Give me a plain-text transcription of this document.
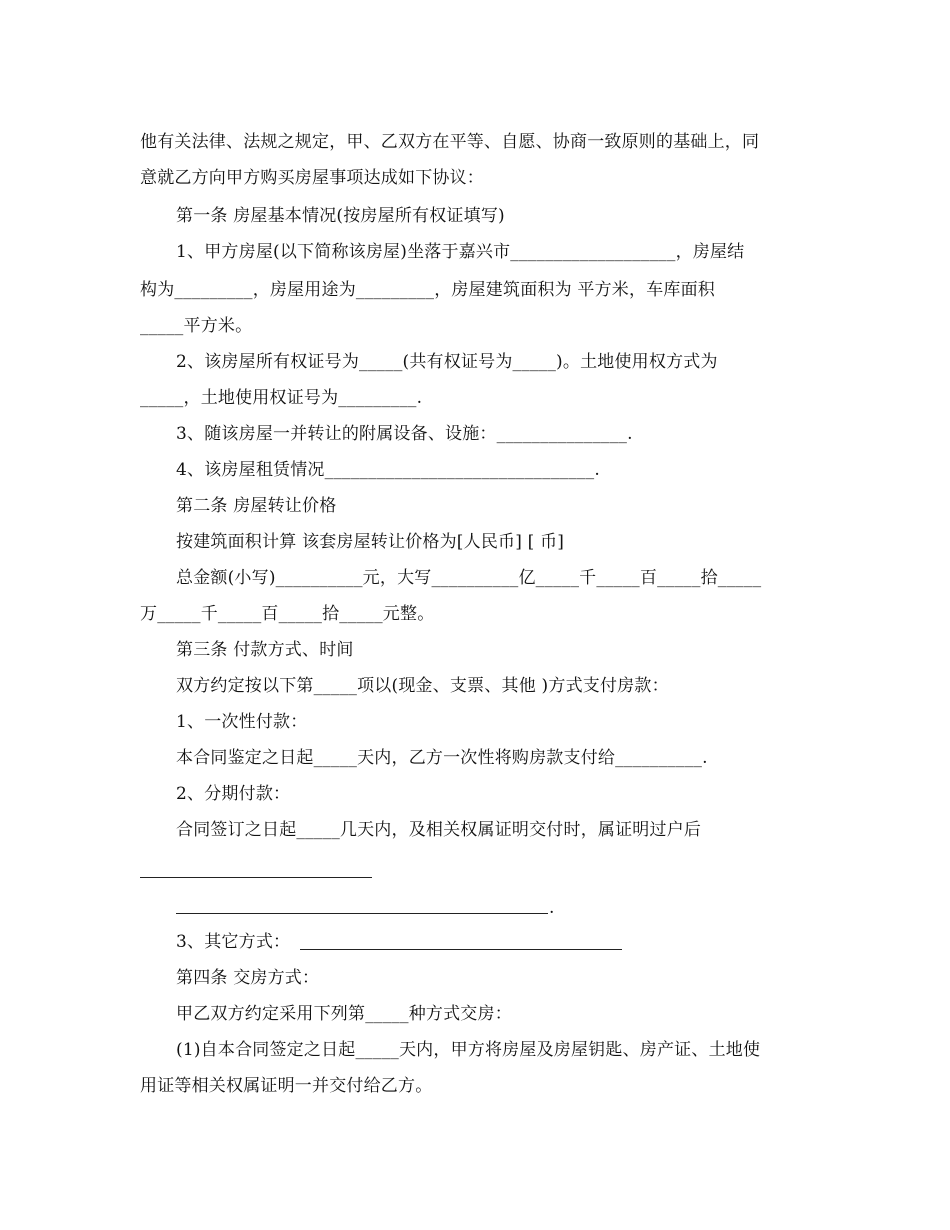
他有关法律、法规之规定，甲、乙双方在平等、自愿、协商一致原则的基础上，同
意就乙方向甲方购买房屋事项达成如下协议：
第一条 房屋基本情况(按房屋所有权证填写)
1、甲方房屋(以下简称该房屋)坐落于嘉兴市___________________，房屋结
构为_________，房屋用途为_________，房屋建筑面积为 平方米，车库面积
_____平方米。
2、该房屋所有权证号为_____(共有权证号为_____)。土地使用权方式为
_____，土地使用权证号为_________.
3、随该房屋一并转让的附属设备、设施：_______________.
4、该房屋租赁情况_______________________________.
第二条 房屋转让价格
按建筑面积计算 该套房屋转让价格为[人民币] [ 币]
总金额(小写)__________元，大写__________亿_____千_____百_____拾_____
万_____千_____百_____拾_____元整。
第三条 付款方式、时间
双方约定按以下第_____项以(现金、支票、其他 )方式支付房款：
1、一次性付款：
本合同鉴定之日起_____天内，乙方一次性将购房款支付给__________.
2、分期付款：
合同签订之日起_____几天内，及相关权属证明交付时，属证明过户后
.
3、其它方式：
第四条 交房方式：
甲乙双方约定采用下列第_____种方式交房：
(1)自本合同签定之日起_____天内，甲方将房屋及房屋钥匙、房产证、土地使
用证等相关权属证明一并交付给乙方。
